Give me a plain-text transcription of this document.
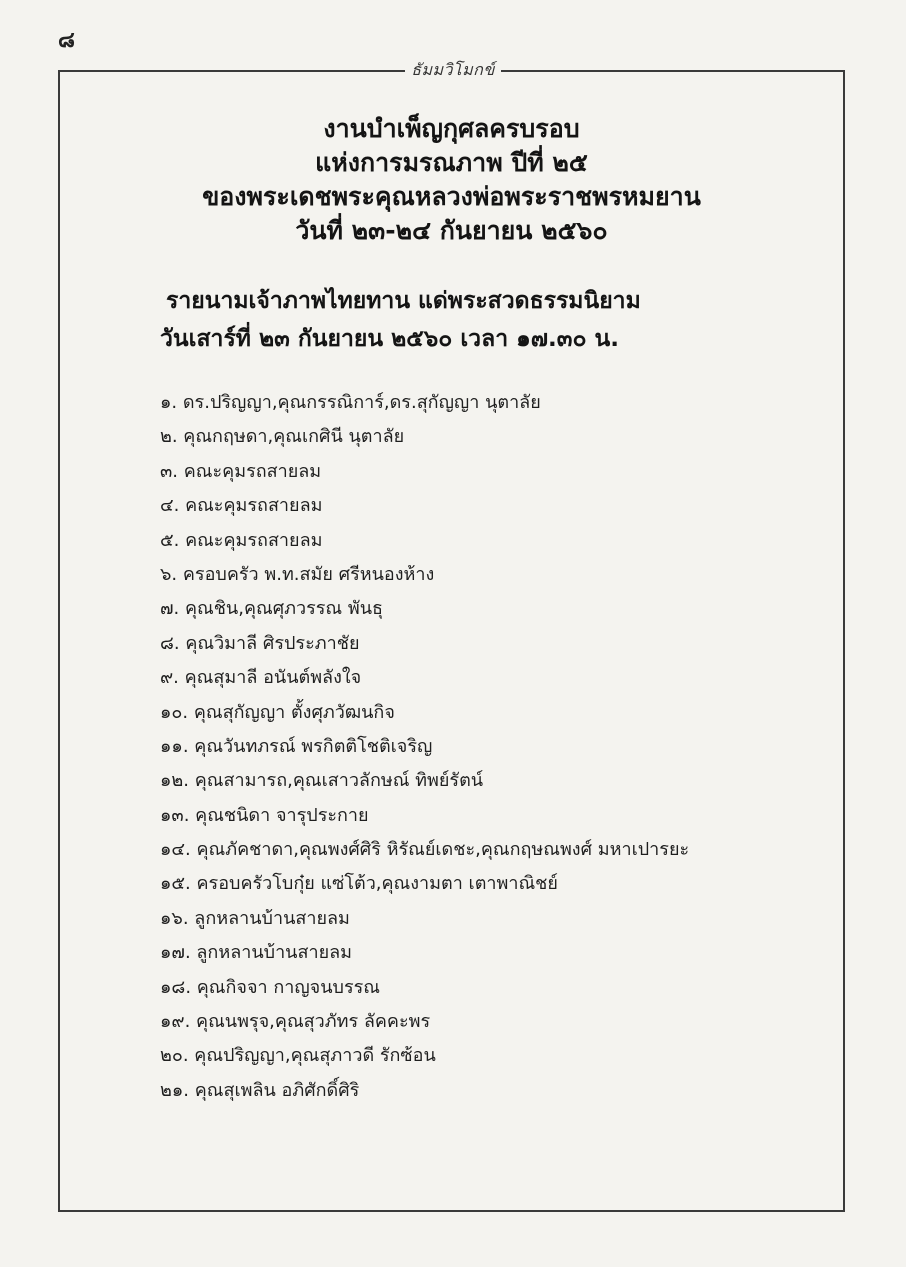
๘
ธัมมวิโมกข์
งานบำเพ็ญกุศลครบรอบ
แห่งการมรณภาพ ปีที่ ๒๕
ของพระเดชพระคุณหลวงพ่อพระราชพรหมยาน
วันที่ ๒๓-๒๔ กันยายน ๒๕๖๐
รายนามเจ้าภาพไทยทาน แด่พระสวดธรรมนิยาม
วันเสาร์ที่ ๒๓ กันยายน ๒๕๖๐ เวลา ๑๗.๓๐ น.
๑. ดร.ปริญญา,คุณกรรณิการ์,ดร.สุกัญญา นุตาลัย
๒. คุณกฤษดา,คุณเกศินี นุตาลัย
๓. คณะคุมรถสายลม
๔. คณะคุมรถสายลม
๕. คณะคุมรถสายลม
๖. ครอบครัว พ.ท.สมัย ศรีหนองห้าง
๗. คุณชิน,คุณศุภวรรณ พันธุ
๘. คุณวิมาลี ศิรประภาชัย
๙. คุณสุมาลี อนันต์พลังใจ
๑๐. คุณสุกัญญา ตั้งศุภวัฒนกิจ
๑๑. คุณวันทภรณ์ พรกิตติโชติเจริญ
๑๒. คุณสามารถ,คุณเสาวลักษณ์ ทิพย์รัตน์
๑๓. คุณชนิดา จารุประกาย
๑๔. คุณภัคชาดา,คุณพงศ์ศิริ หิรัณย์เดชะ,คุณกฤษณพงศ์ มหาเปารยะ
๑๕. ครอบครัวโบกุ๋ย แซ่โต้ว,คุณงามตา เตาพาณิชย์
๑๖. ลูกหลานบ้านสายลม
๑๗. ลูกหลานบ้านสายลม
๑๘. คุณกิจจา กาญจนบรรณ
๑๙. คุณนพรุจ,คุณสุวภัทร ลัคคะพร
๒๐. คุณปริญญา,คุณสุภาวดี รักซ้อน
๒๑. คุณสุเพลิน อภิศักดิ์ศิริ
